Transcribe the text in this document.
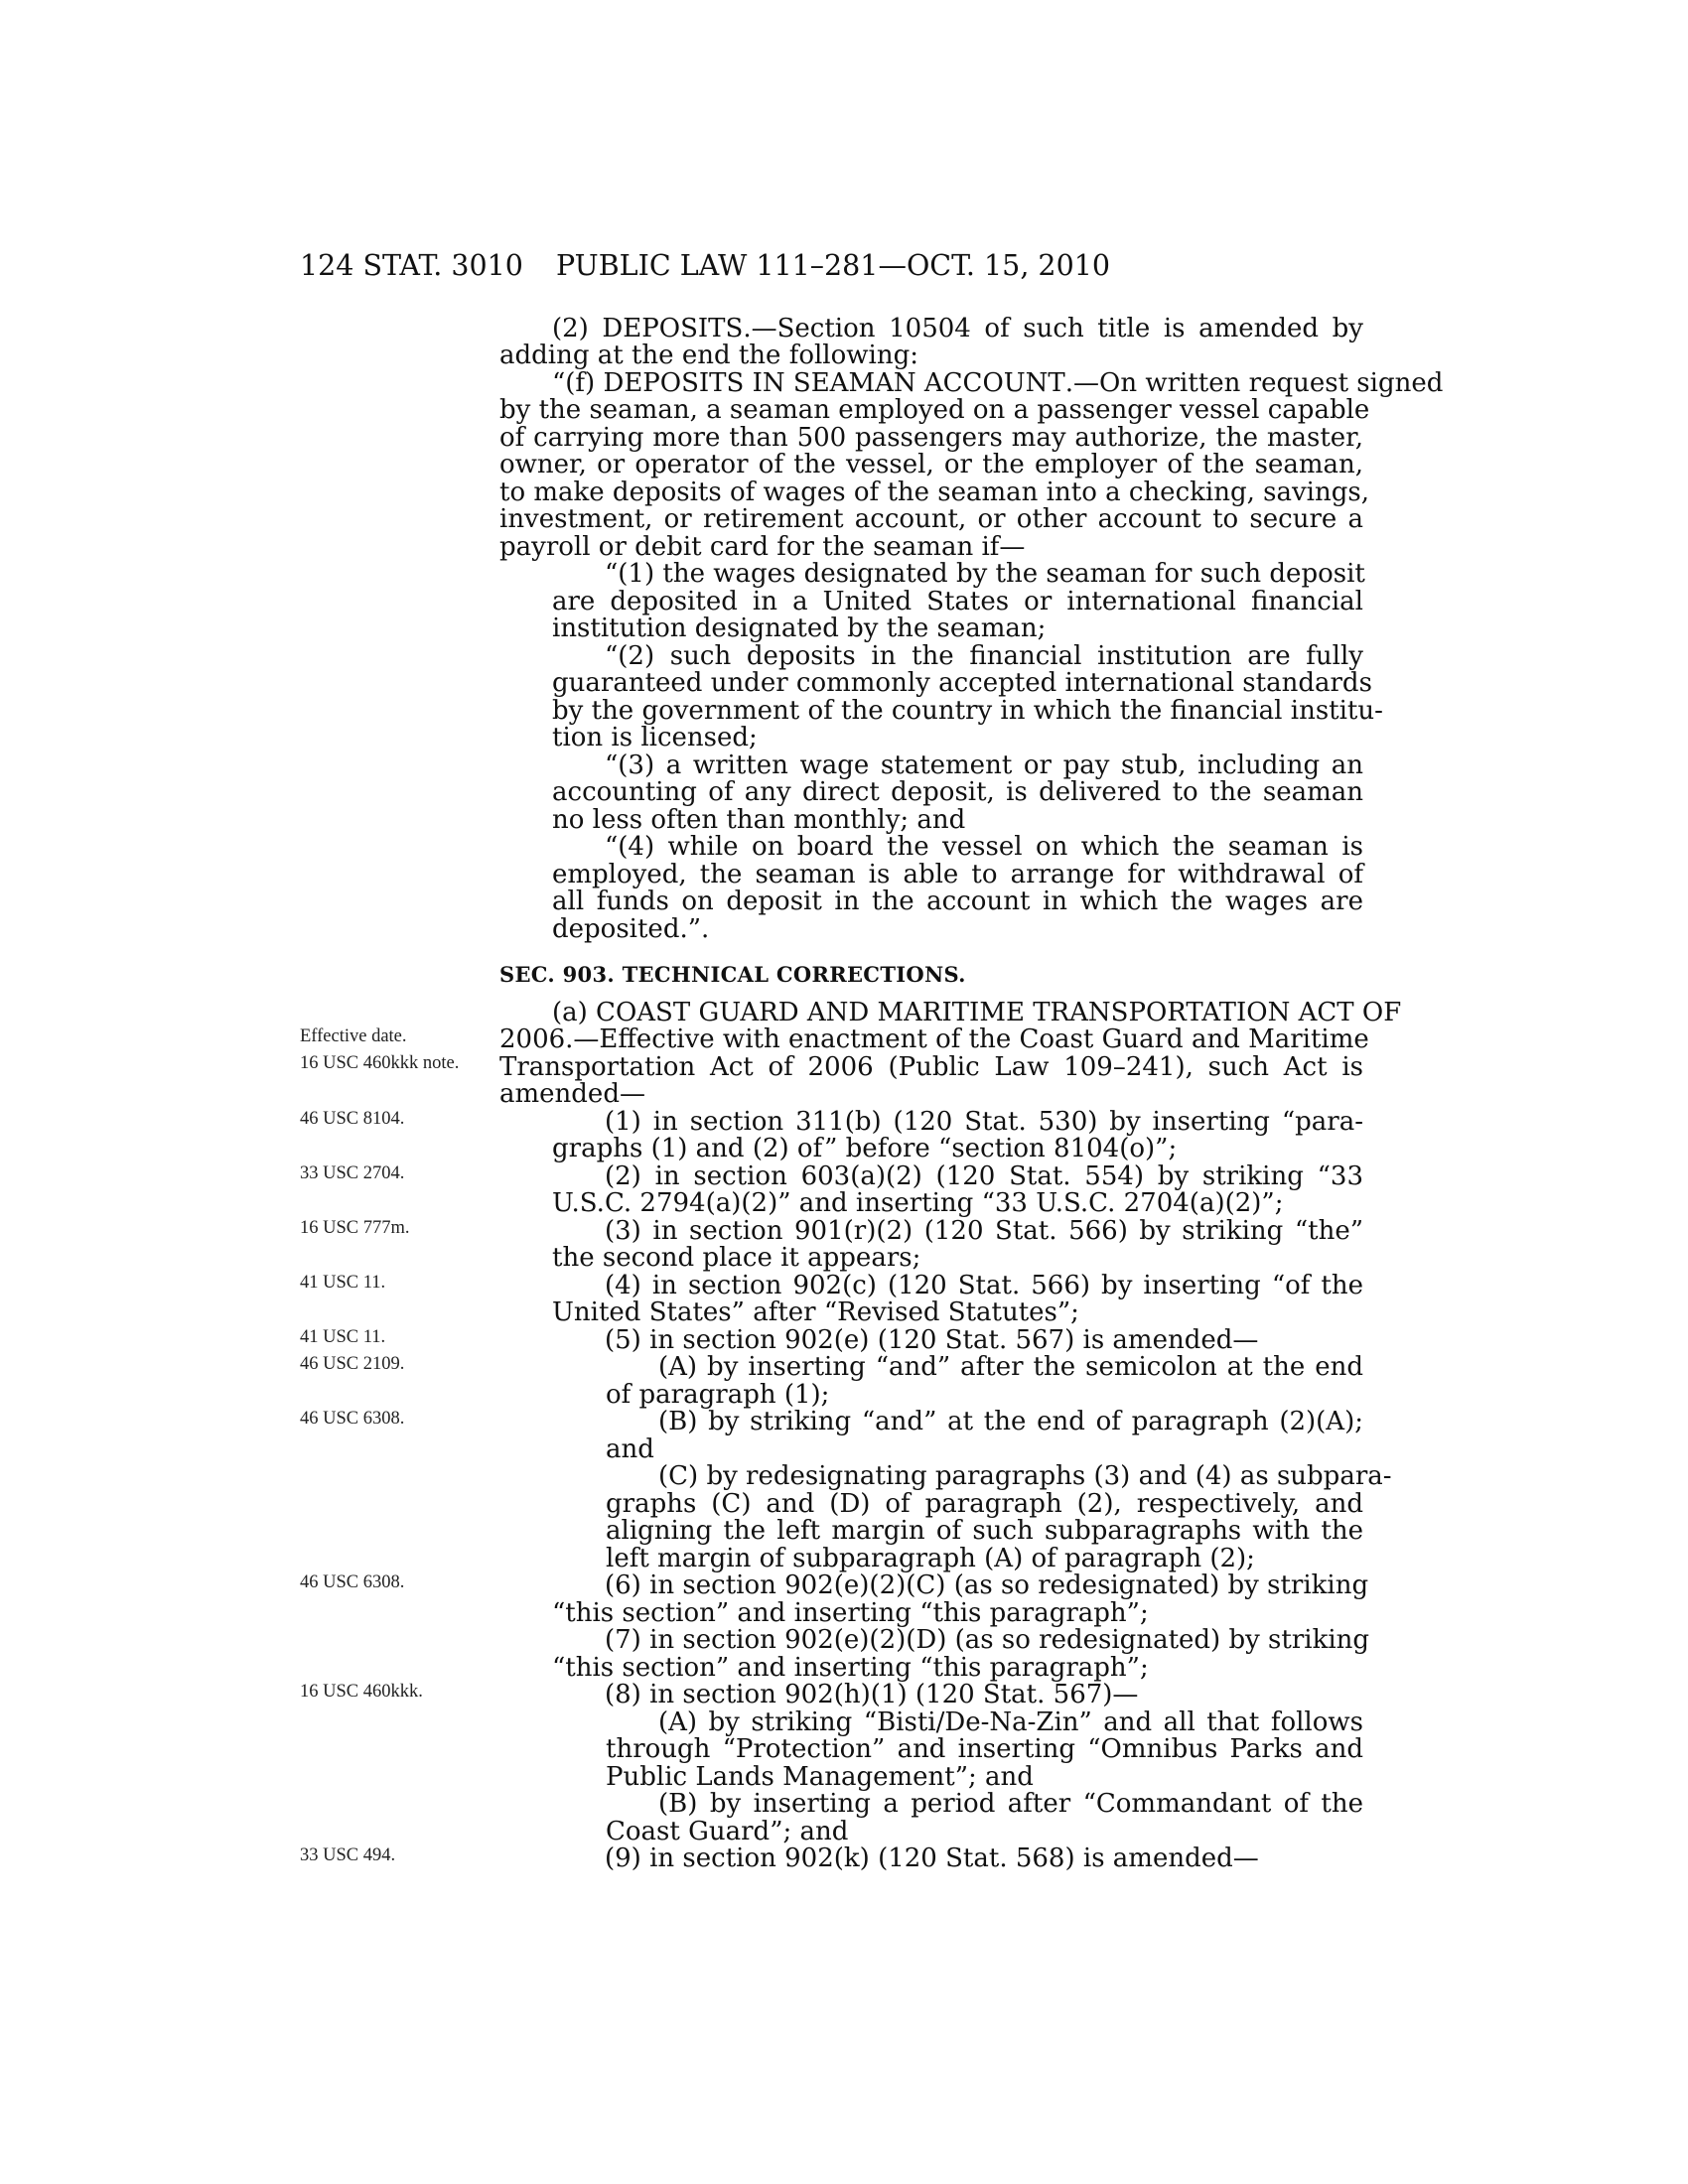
124 STAT. 3010 PUBLIC LAW 111–281—OCT. 15, 2010
Effective date.
16 USC 460kkk note.
46 USC 8104.
33 USC 2704.
16 USC 777m.
41 USC 11.
41 USC 11.
46 USC 2109.
46 USC 6308.
46 USC 6308.
16 USC 460kkk.
33 USC 494.
(2) DEPOSITS.—Section 10504 of such title is amended by
adding at the end the following:
“(f) DEPOSITS IN SEAMAN ACCOUNT.—On written request signed
by the seaman, a seaman employed on a passenger vessel capable
of carrying more than 500 passengers may authorize, the master,
owner, or operator of the vessel, or the employer of the seaman,
to make deposits of wages of the seaman into a checking, savings,
investment, or retirement account, or other account to secure a
payroll or debit card for the seaman if—
“(1) the wages designated by the seaman for such deposit
are deposited in a United States or international financial
institution designated by the seaman;
“(2) such deposits in the financial institution are fully
guaranteed under commonly accepted international standards
by the government of the country in which the financial institu-
tion is licensed;
“(3) a written wage statement or pay stub, including an
accounting of any direct deposit, is delivered to the seaman
no less often than monthly; and
“(4) while on board the vessel on which the seaman is
employed, the seaman is able to arrange for withdrawal of
all funds on deposit in the account in which the wages are
deposited.”.
SEC. 903. TECHNICAL CORRECTIONS.
(a) COAST GUARD AND MARITIME TRANSPORTATION ACT OF
2006.—Effective with enactment of the Coast Guard and Maritime
Transportation Act of 2006 (Public Law 109–241), such Act is
amended—
(1) in section 311(b) (120 Stat. 530) by inserting “para-
graphs (1) and (2) of” before “section 8104(o)”;
(2) in section 603(a)(2) (120 Stat. 554) by striking “33
U.S.C. 2794(a)(2)” and inserting “33 U.S.C. 2704(a)(2)”;
(3) in section 901(r)(2) (120 Stat. 566) by striking “the”
the second place it appears;
(4) in section 902(c) (120 Stat. 566) by inserting “of the
United States” after “Revised Statutes”;
(5) in section 902(e) (120 Stat. 567) is amended—
(A) by inserting “and” after the semicolon at the end
of paragraph (1);
(B) by striking “and” at the end of paragraph (2)(A);
and
(C) by redesignating paragraphs (3) and (4) as subpara-
graphs (C) and (D) of paragraph (2), respectively, and
aligning the left margin of such subparagraphs with the
left margin of subparagraph (A) of paragraph (2);
(6) in section 902(e)(2)(C) (as so redesignated) by striking
“this section” and inserting “this paragraph”;
(7) in section 902(e)(2)(D) (as so redesignated) by striking
“this section” and inserting “this paragraph”;
(8) in section 902(h)(1) (120 Stat. 567)—
(A) by striking “Bisti/De-Na-Zin” and all that follows
through “Protection” and inserting “Omnibus Parks and
Public Lands Management”; and
(B) by inserting a period after “Commandant of the
Coast Guard”; and
(9) in section 902(k) (120 Stat. 568) is amended—
